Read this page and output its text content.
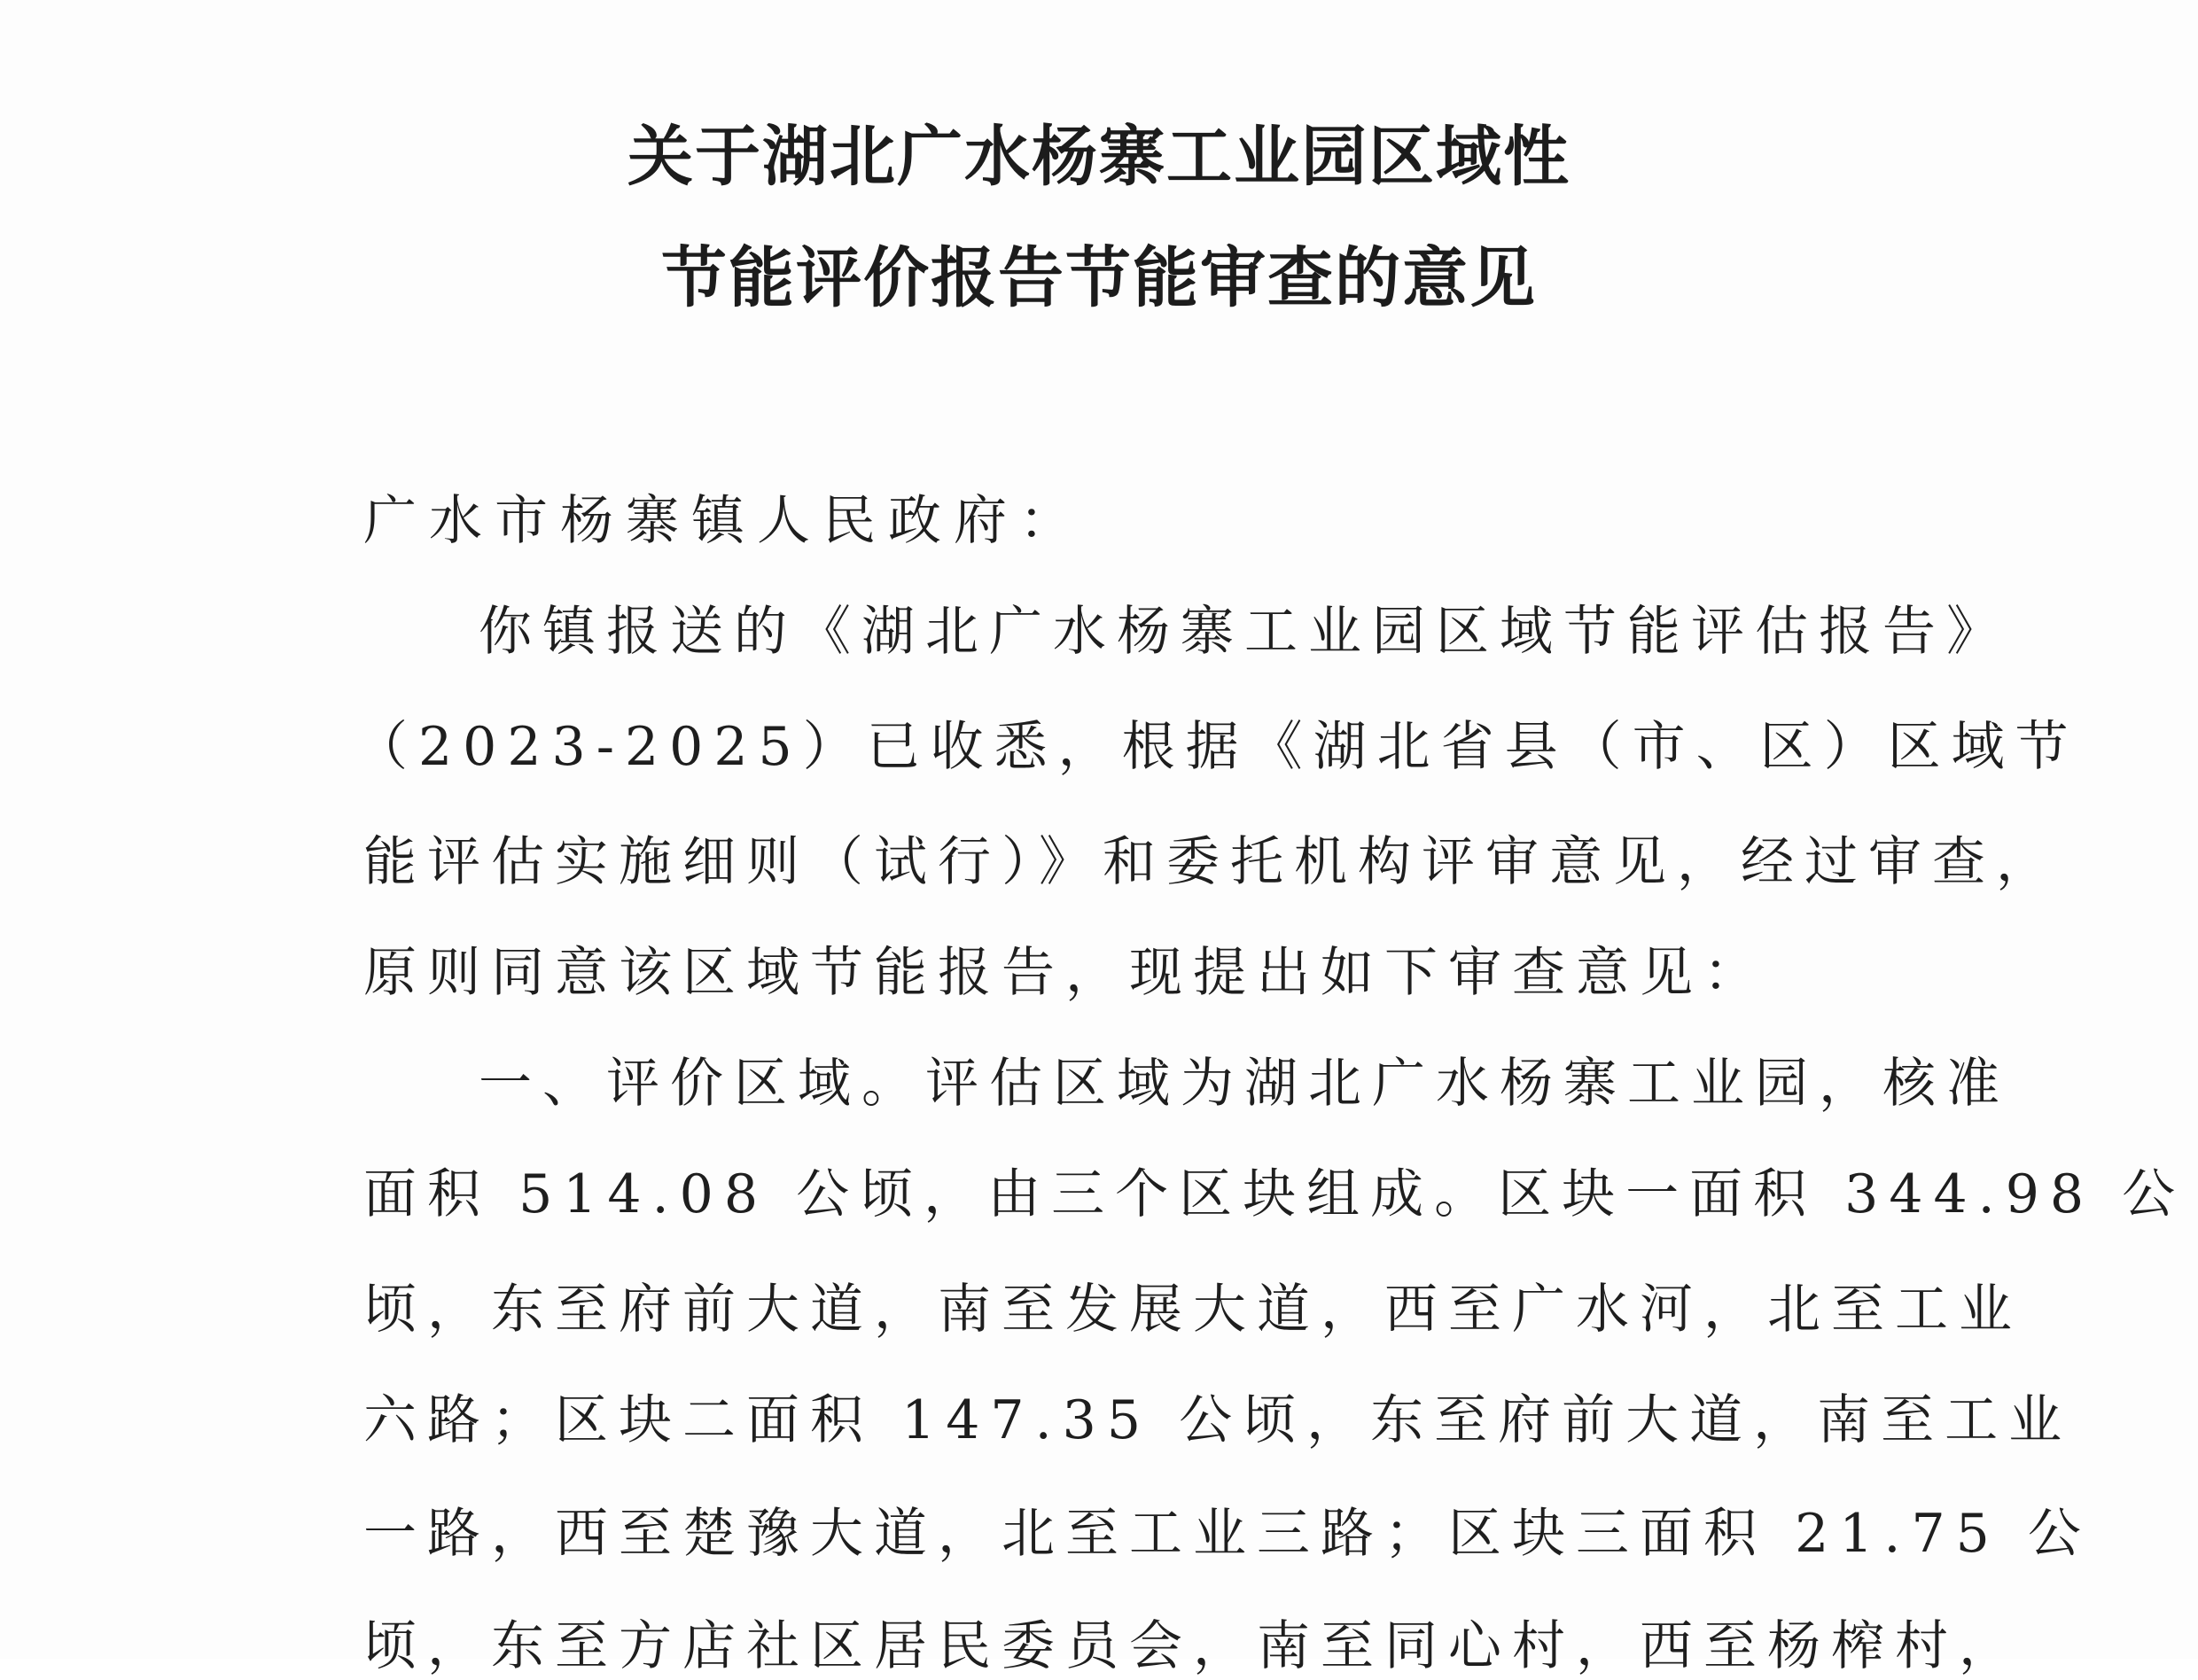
关于湖北广水杨寨工业园区域性
节能评价报告节能审查的意见
广水市杨寨镇人民政府：
你镇报送的《湖北广水杨寨工业园区域节能评估报告》
（2023-2025）已收悉，根据《湖北省县（市、区）区域节
能评估实施细则（试行）》和委托机构评审意见，经过审查，
原则同意该区域节能报告，现提出如下审查意见：
一、评价区域。评估区域为湖北广水杨寨工业园，核准
面积 514.08 公顷，由三个区块组成。区块一面积 344.98 公
顷，东至府前大道，南至发展大道，西至广水河，北至工业
六路；区块二面积 147.35 公顷，东至府前大道，南至工业
一路，西至楚豫大道，北至工业三路；区块三面积 21.75 公
顷，东至方店社区居民委员会，南至同心村，西至杨榨村，
